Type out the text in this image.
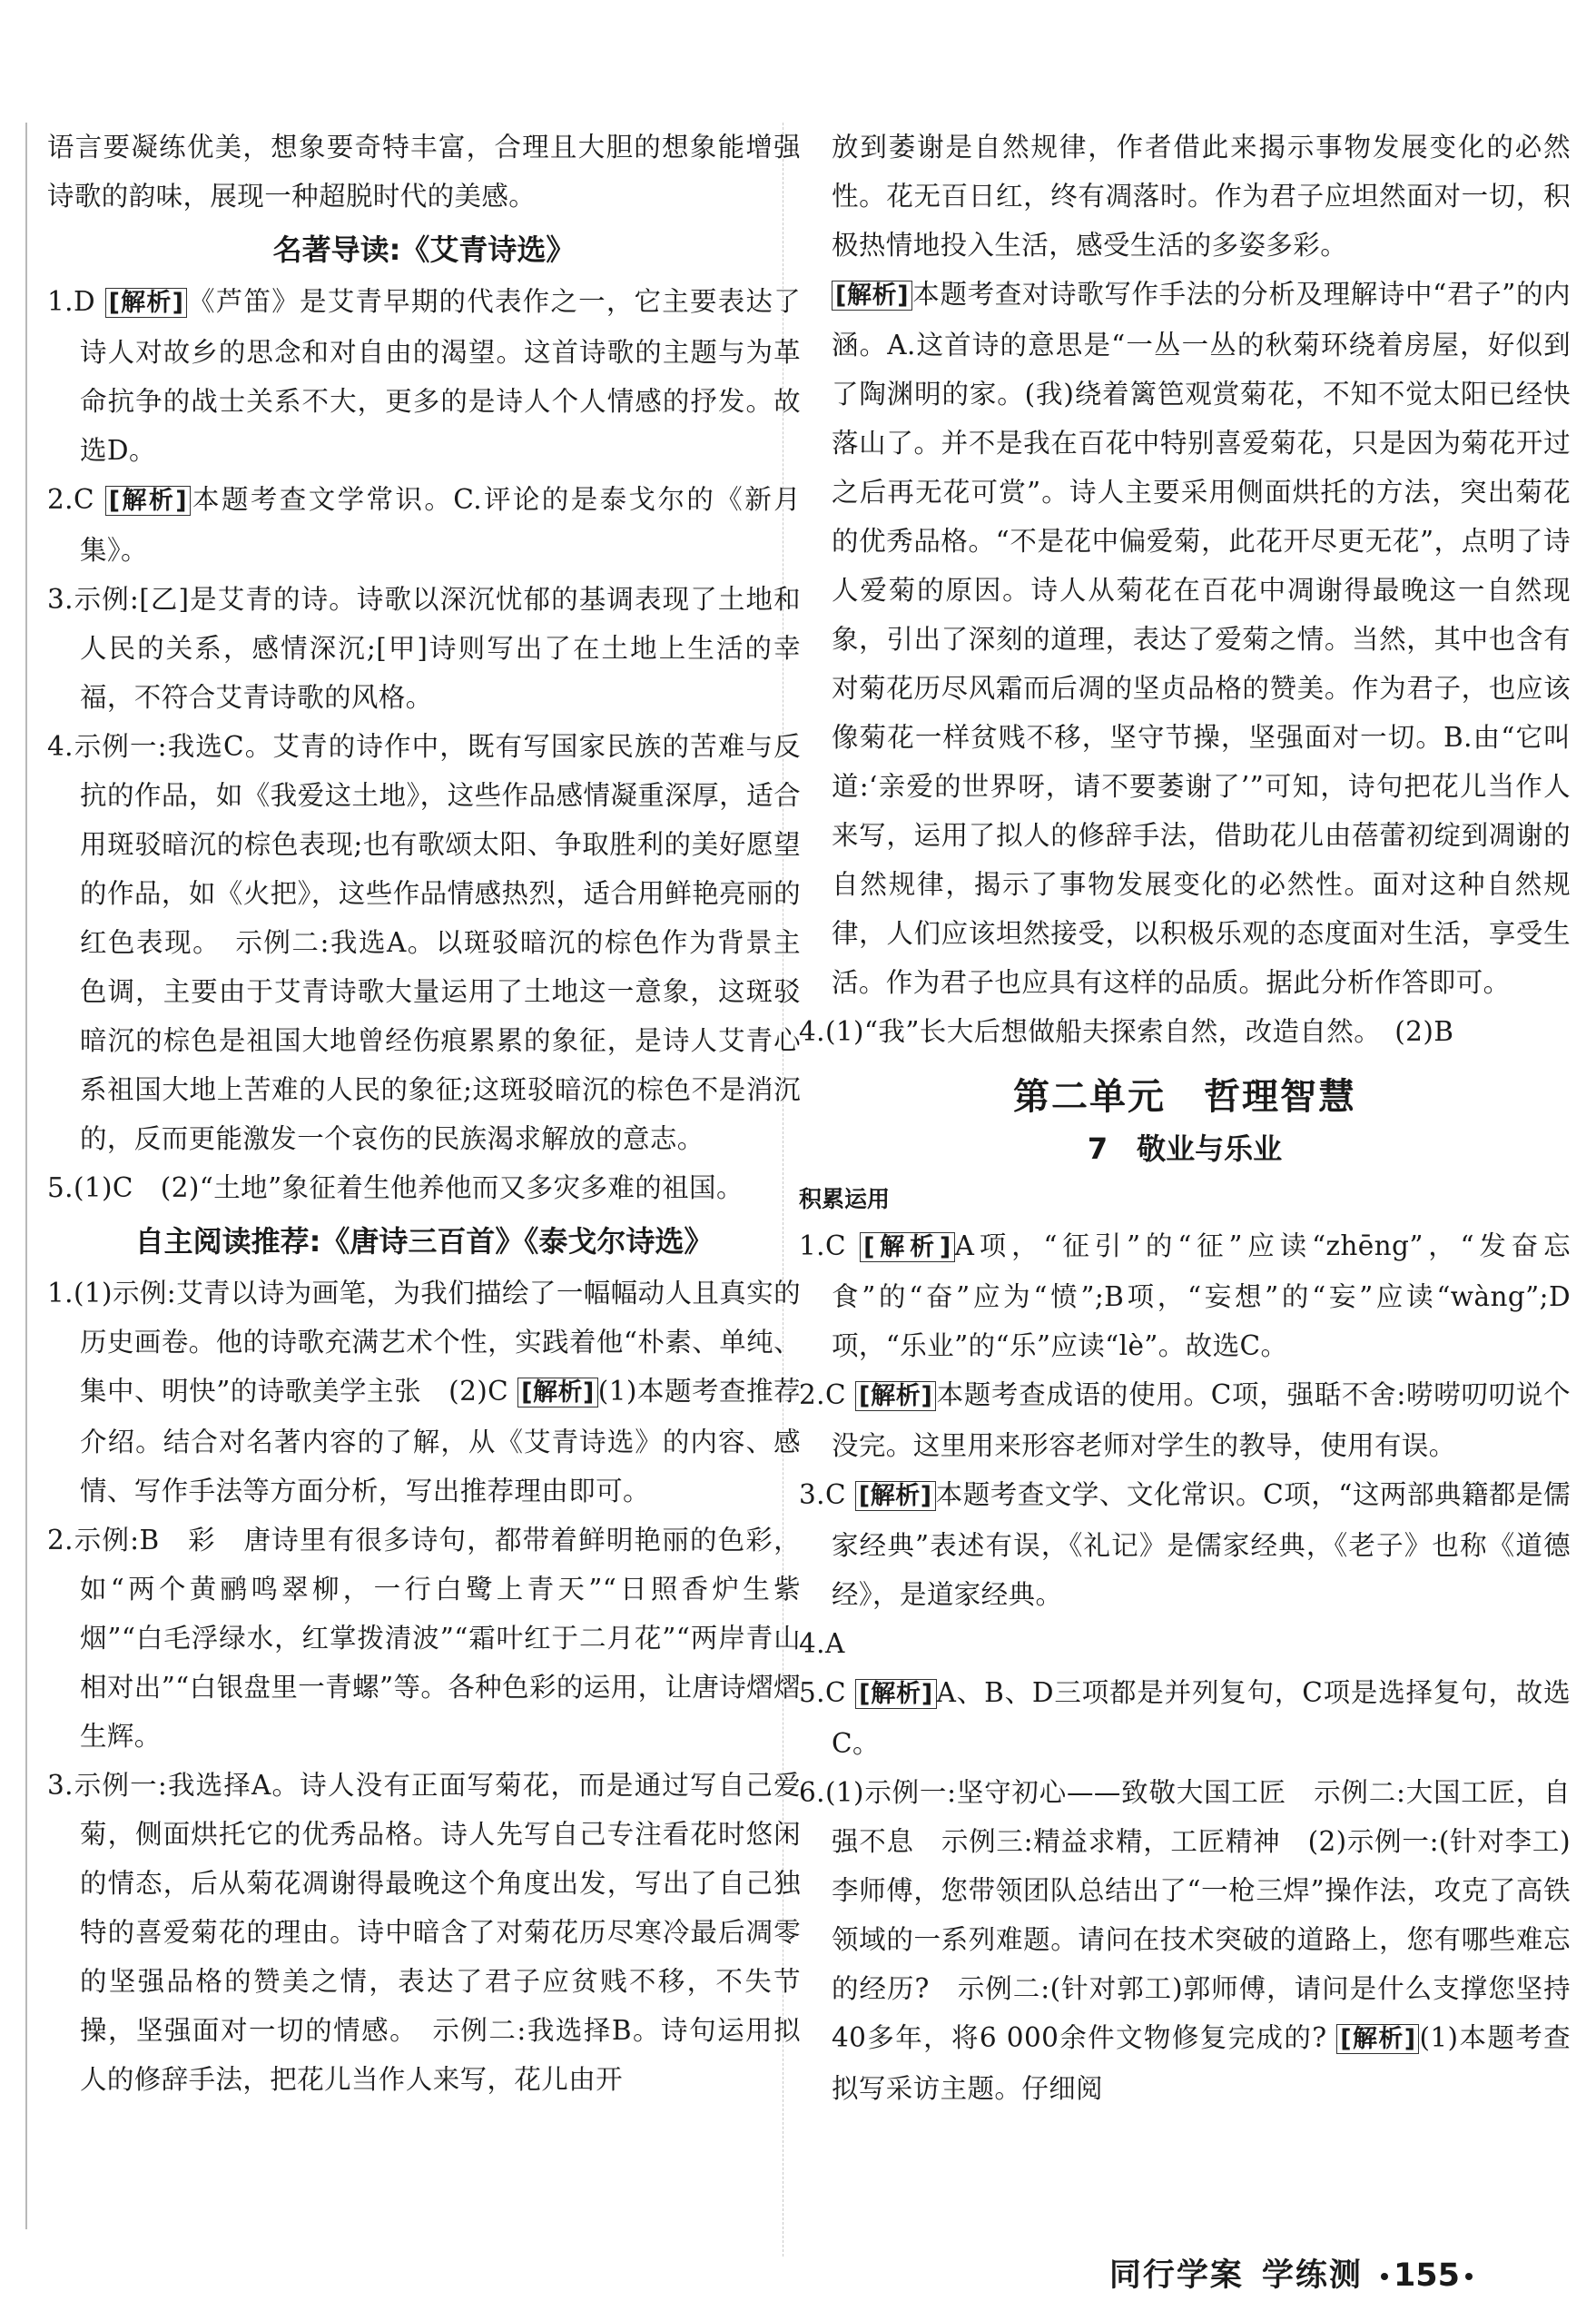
语言要凝练优美，想象要奇特丰富，合理且大胆的想象能增强诗歌的韵味，展现一种超脱时代的美感。

名著导读:《艾青诗选》

1.D [解析] 《芦笛》是艾青早期的代表作之一，它主要表达了诗人对故乡的思念和对自由的渴望。这首诗歌的主题与为革命抗争的战士关系不大，更多的是诗人个人情感的抒发。故选D。

2.C [解析] 本题考查文学常识。C.评论的是泰戈尔的《新月集》。

3.示例:[乙]是艾青的诗。诗歌以深沉忧郁的基调表现了土地和人民的关系，感情深沉;[甲]诗则写出了在土地上生活的幸福，不符合艾青诗歌的风格。

4.示例一:我选C。艾青的诗作中，既有写国家民族的苦难与反抗的作品，如《我爱这土地》，这些作品感情凝重深厚，适合用斑驳暗沉的棕色表现;也有歌颂太阳、争取胜利的美好愿望的作品，如《火把》，这些作品情感热烈，适合用鲜艳亮丽的红色表现。　示例二:我选A。以斑驳暗沉的棕色作为背景主色调，主要由于艾青诗歌大量运用了土地这一意象，这斑驳暗沉的棕色是祖国大地曾经伤痕累累的象征，是诗人艾青心系祖国大地上苦难的人民的象征;这斑驳暗沉的棕色不是消沉的，反而更能激发一个哀伤的民族渴求解放的意志。

5.(1)C　(2)“土地”象征着生他养他而又多灾多难的祖国。

自主阅读推荐:《唐诗三百首》《泰戈尔诗选》

1.(1)示例:艾青以诗为画笔，为我们描绘了一幅幅动人且真实的历史画卷。他的诗歌充满艺术个性，实践着他“朴素、单纯、集中、明快”的诗歌美学主张　(2)C [解析] (1)本题考查推荐介绍。结合对名著内容的了解，从《艾青诗选》的内容、感情、写作手法等方面分析，写出推荐理由即可。

2.示例:B　彩　唐诗里有很多诗句，都带着鲜明艳丽的色彩，如“两个黄鹂鸣翠柳，一行白鹭上青天”“日照香炉生紫烟”“白毛浮绿水，红掌拨清波”“霜叶红于二月花”“两岸青山相对出”“白银盘里一青螺”等。各种色彩的运用，让唐诗熠熠生辉。

3.示例一:我选择A。诗人没有正面写菊花，而是通过写自己爱菊，侧面烘托它的优秀品格。诗人先写自己专注看花时悠闲的情态，后从菊花凋谢得最晚这个角度出发，写出了自己独特的喜爱菊花的理由。诗中暗含了对菊花历尽寒冷最后凋零的坚强品格的赞美之情，表达了君子应贫贱不移，不失节操，坚强面对一切的情感。　示例二:我选择B。诗句运用拟人的修辞手法，把花儿当作人来写，花儿由开

放到萎谢是自然规律，作者借此来揭示事物发展变化的必然性。花无百日红，终有凋落时。作为君子应坦然面对一切，积极热情地投入生活，感受生活的多姿多彩。

[解析] 本题考查对诗歌写作手法的分析及理解诗中“君子”的内涵。A.这首诗的意思是“一丛一丛的秋菊环绕着房屋，好似到了陶渊明的家。(我)绕着篱笆观赏菊花，不知不觉太阳已经快落山了。并不是我在百花中特别喜爱菊花，只是因为菊花开过之后再无花可赏”。诗人主要采用侧面烘托的方法，突出菊花的优秀品格。“不是花中偏爱菊，此花开尽更无花”，点明了诗人爱菊的原因。诗人从菊花在百花中凋谢得最晚这一自然现象，引出了深刻的道理，表达了爱菊之情。当然，其中也含有对菊花历尽风霜而后凋的坚贞品格的赞美。作为君子，也应该像菊花一样贫贱不移，坚守节操，坚强面对一切。B.由“它叫道:‘亲爱的世界呀，请不要萎谢了’”可知，诗句把花儿当作人来写，运用了拟人的修辞手法，借助花儿由蓓蕾初绽到凋谢的自然规律，揭示了事物发展变化的必然性。面对这种自然规律，人们应该坦然接受，以积极乐观的态度面对生活，享受生活。作为君子也应具有这样的品质。据此分析作答即可。

4.(1)“我”长大后想做船夫探索自然，改造自然。　(2)B

第二单元　哲理智慧
7　敬业与乐业
积累运用

1.C [解析] A项，“征引”的“征”应读“zhēng”，“发奋忘食”的“奋”应为“愤”;B项，“妄想”的“妄”应读“wàng”;D项，“乐业”的“乐”应读“lè”。故选C。

2.C [解析] 本题考查成语的使用。C项，强聒不舍:唠唠叨叨说个没完。这里用来形容老师对学生的教导，使用有误。

3.C [解析] 本题考查文学、文化常识。C项，“这两部典籍都是儒家经典”表述有误，《礼记》是儒家经典，《老子》也称《道德经》，是道家经典。

4.A

5.C [解析] A、B、D三项都是并列复句，C项是选择复句，故选C。

6.(1)示例一:坚守初心——致敬大国工匠　示例二:大国工匠，自强不息　示例三:精益求精，工匠精神　(2)示例一:(针对李工)李师傅，您带领团队总结出了“一枪三焊”操作法，攻克了高铁领域的一系列难题。请问在技术突破的道路上，您有哪些难忘的经历?　示例二:(针对郭工)郭师傅，请问是什么支撑您坚持40多年，将6 000余件文物修复完成的? [解析] (1)本题考查拟写采访主题。仔细阅

同行学案 学练测 155
